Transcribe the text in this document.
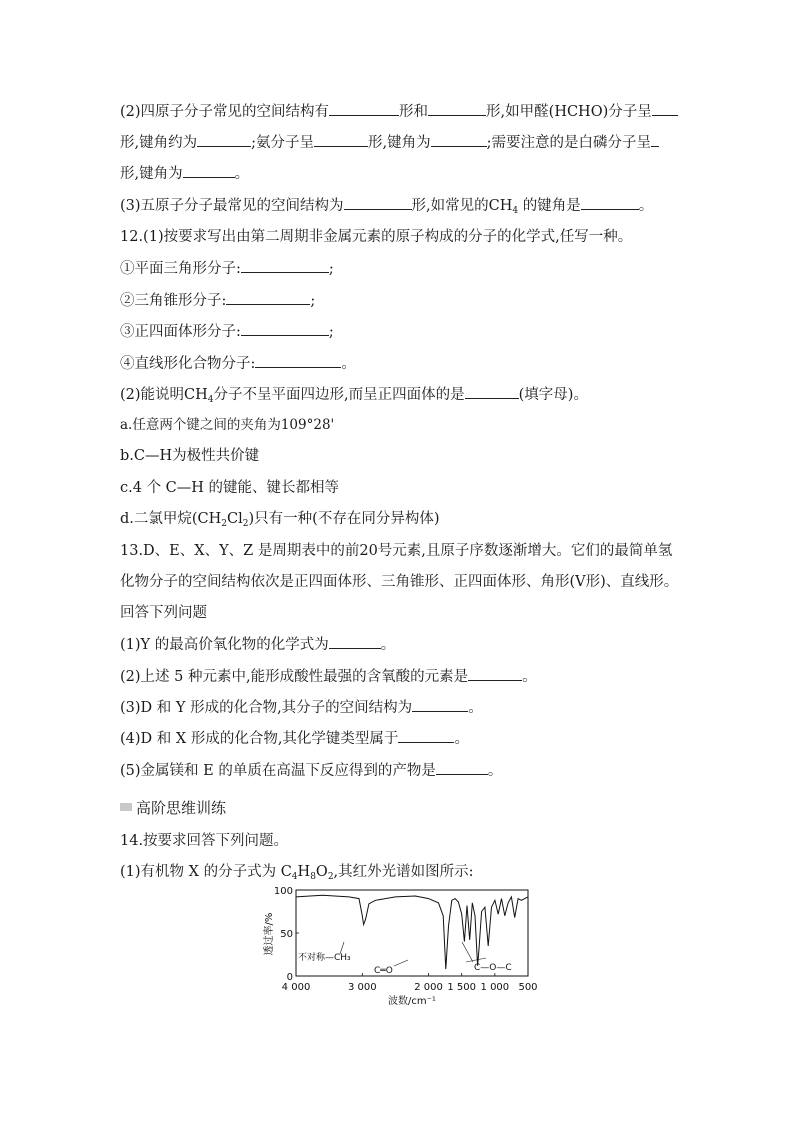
(2)四原子分子常见的空间结构有	形和	形,如甲醛(HCHO)分子呈
形,键角约为	;氨分子呈	形,键角为	;需要注意的是白磷分子呈
形,键角为	。
(3)五原子分子最常见的空间结构为	形,如常见的$CH_4$ 的键角是	。
12.(1)按要求写出由第二周期非金属元素的原子构成的分子的化学式,任写一种。
①平面三角形分子:	;
②三角锥形分子:	;
③正四面体形分子:	;
④直线形化合物分子:	。
(2)能说明$CH_4$分子不呈平面四边形,而呈正四面体的是	(填字母)。
a.任意两个键之间的夹角为109°28'
b.C—H为极性共价键
c.4 个 C—H 的键能、键长都相等
d.二氯甲烷$(CH_2Cl_2)$只有一种(不存在同分异构体)
13.D、E、X、Y、Z 是周期表中的前20号元素,且原子序数逐渐增大。它们的最简单氢
化物分子的空间结构依次是正四面体形、三角锥形、正四面体形、角形(V形)、直线形。
回答下列问题
(1)Y 的最高价氧化物的化学式为	。
(2)上述 5 种元素中,能形成酸性最强的含氧酸的元素是	。
(3)D 和 Y 形成的化合物,其分子的空间结构为	。
(4)D 和 X 形成的化合物,其化学键类型属于	。
(5)金属镁和 E 的单质在高温下反应得到的产物是	。
高阶思维训练
14.按要求回答下列问题。
(1)有机物 X 的分子式为 $C_4H_8O_2$,其红外光谱如图所示:
透过率/%
100
50
0
4 000	3 000	2 000 1 500 1 000 500
不对称—CH₃
C═O	C—O—C
波数/cm⁻¹
